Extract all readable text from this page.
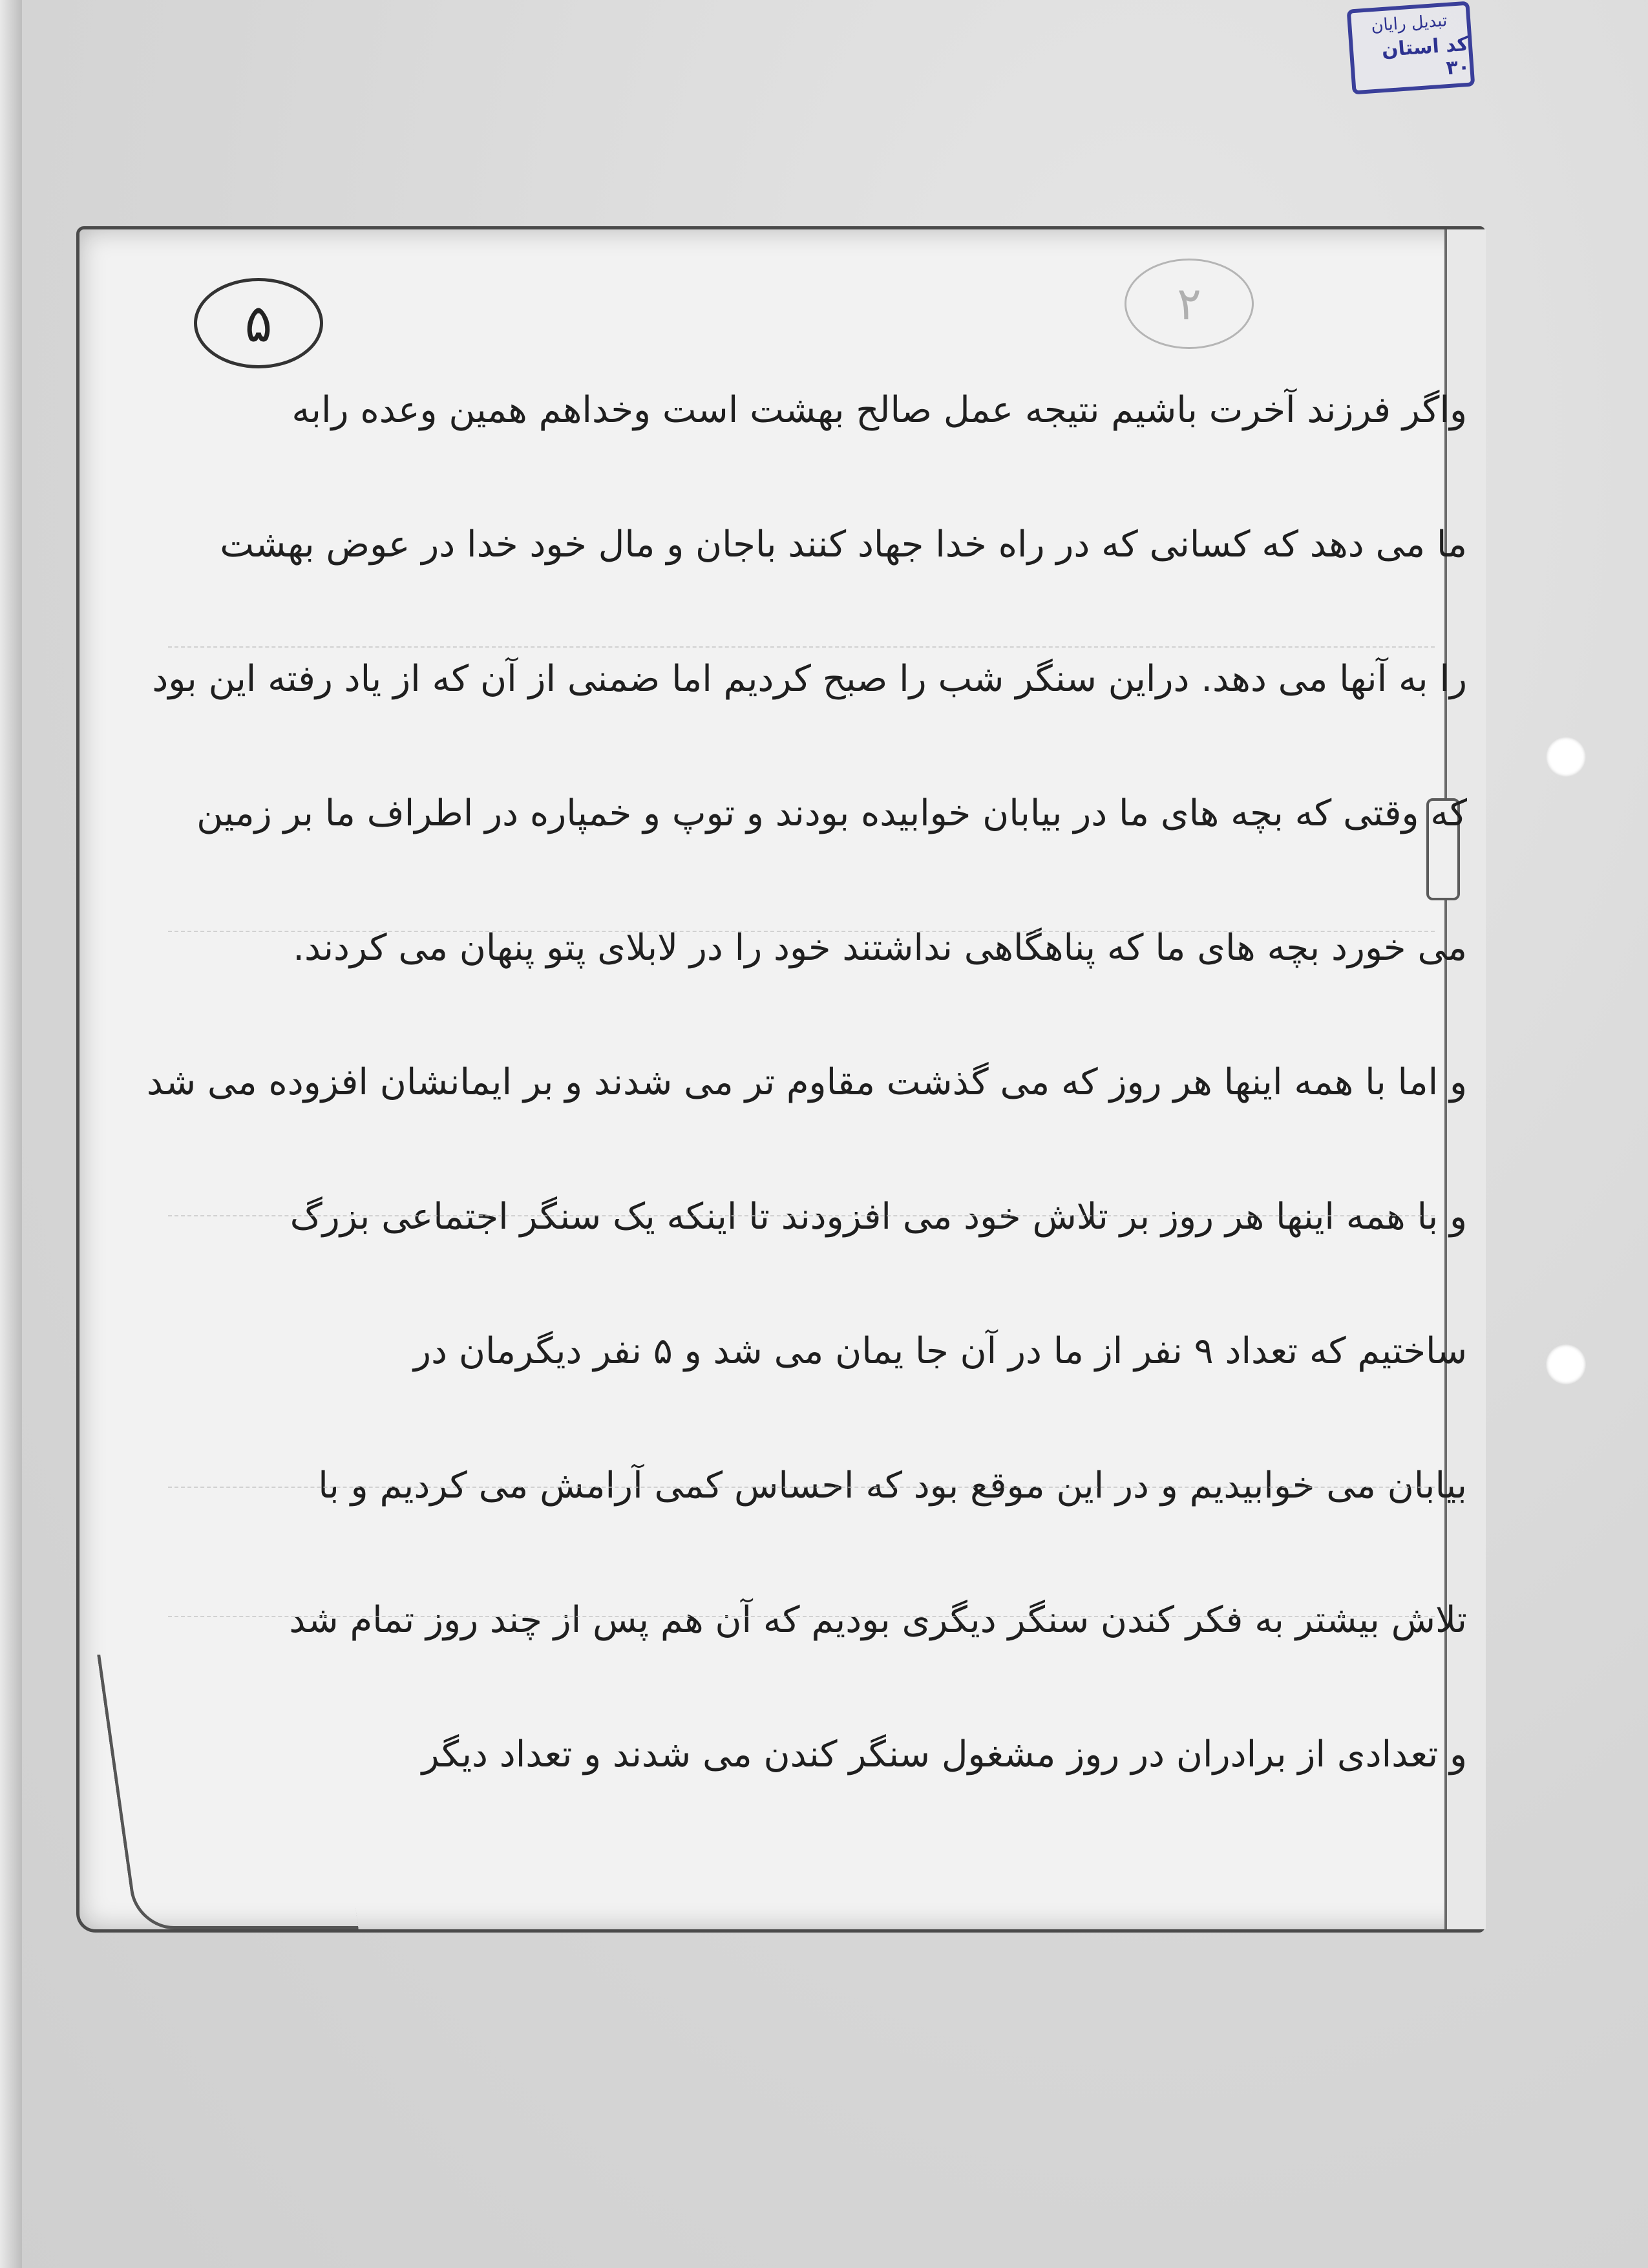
تبدیل رایان
کد استان ۳۰
۲
۵
واگر فرزند آخرت باشیم نتیجه عمل صالح بهشت است وخداهم همین وعده رابه
ما می دهد که کسانی که در راه خدا جهاد کنند باجان و مال خود خدا در عوض بهشت
را به آنها می دهد. دراین سنگر شب را صبح کردیم اما ضمنی از آن که از یاد رفته این بود
که وقتی که بچه های ما در بیابان خوابیده بودند و توپ و خمپاره در اطراف ما بر زمین
می خورد بچه های ما که پناهگاهی نداشتند خود را در لابلای پتو پنهان می کردند.
و اما با همه اینها هر روز که می گذشت مقاوم تر می شدند و بر ایمانشان افزوده می شد
و با همه اینها هر روز بر تلاش خود می افزودند تا اینکه یک سنگر اجتماعی بزرگ
ساختیم که تعداد ۹ نفر از ما در آن جا یمان می شد و ۵ نفر دیگرمان در
بیابان می خوابیدیم و در این موقع بود که احساس کمی آرامش می کردیم و با
تلاش بیشتر به فکر کندن سنگر دیگری بودیم که آن هم پس از چند روز تمام شد
و تعدادی از برادران در روز مشغول سنگر کندن می شدند و تعداد دیگر
